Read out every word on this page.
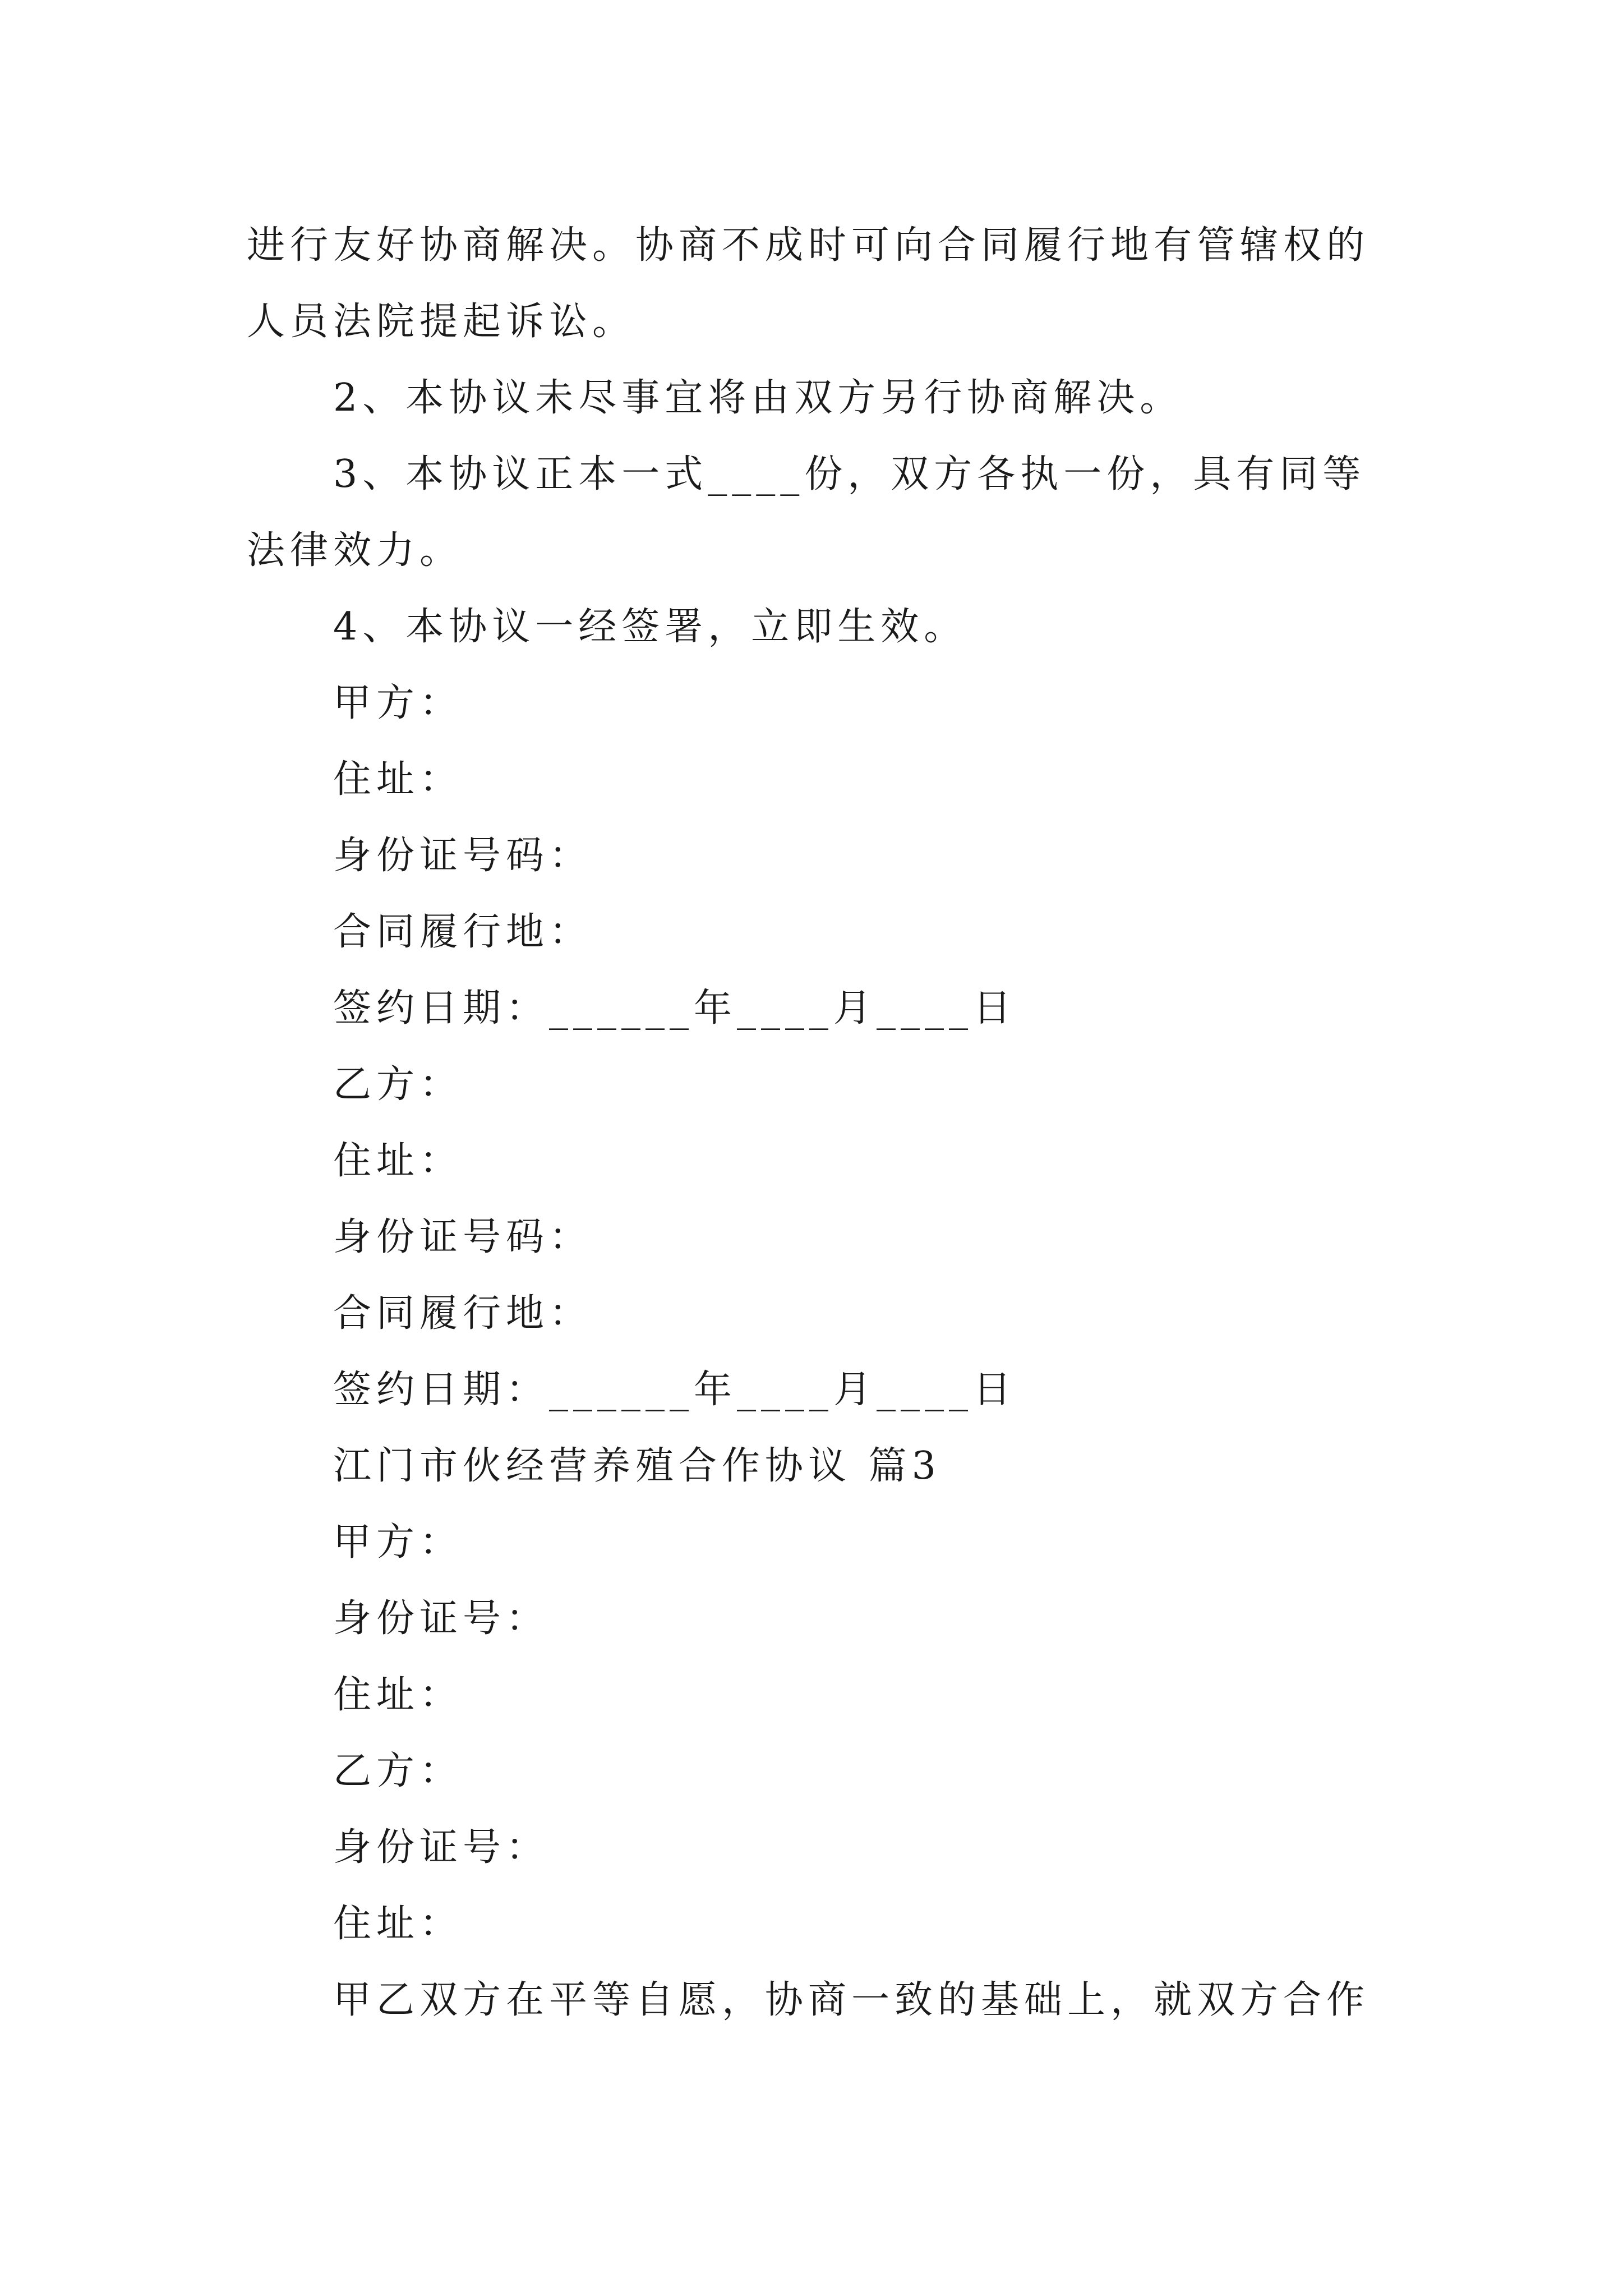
进行友好协商解决。协商不成时可向合同履行地有管辖权的人员法院提起诉讼。

2、本协议未尽事宜将由双方另行协商解决。

3、本协议正本一式____份，双方各执一份，具有同等法律效力。

4、本协议一经签署，立即生效。

甲方：

住址：

身份证号码：

合同履行地：

签约日期：______年____月____日

乙方：

住址：

身份证号码：

合同履行地：

签约日期：______年____月____日

江门市伙经营养殖合作协议 篇3

甲方：

身份证号：

住址：

乙方：

身份证号：

住址：

甲乙双方在平等自愿，协商一致的基础上，就双方合作
